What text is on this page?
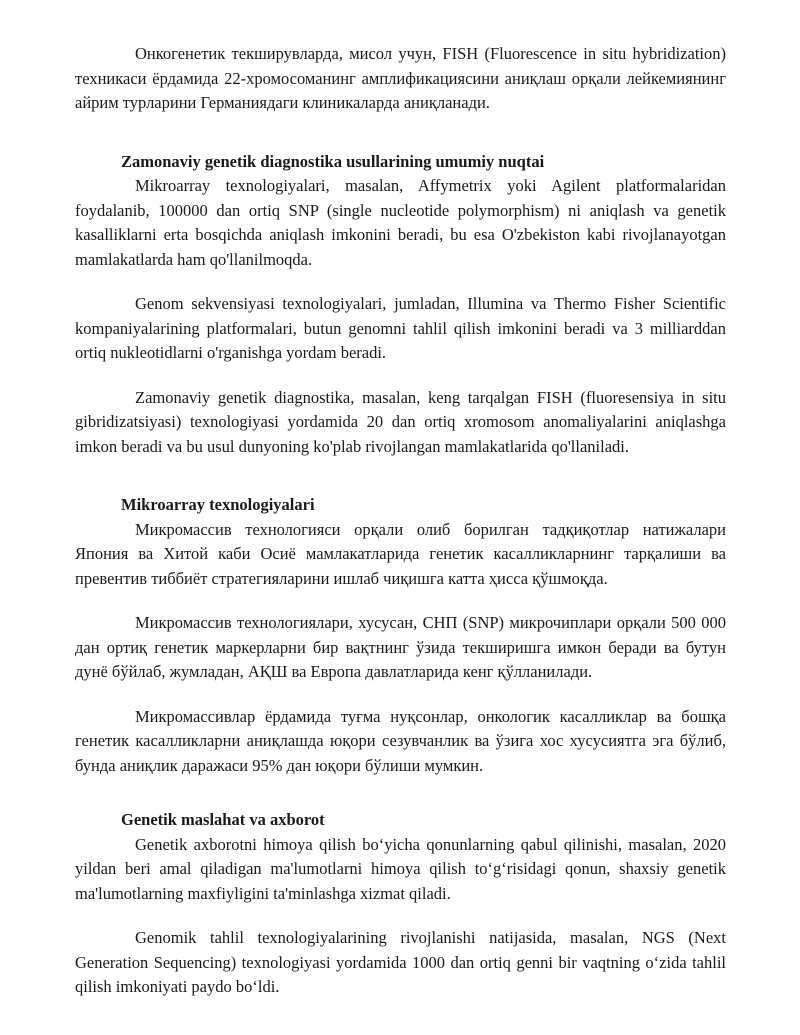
Онкогенетик текширувларда, мисол учун, FISH (Fluorescence in situ hybridization) техникаси ёрдамида 22-хромосоманинг амплификациясини аниқлаш орқали лейкемиянинг айрим турларини Германиядаги клиникаларда аниқланади.

Zamonaviy genetik diagnostika usullarining umumiy nuqtai

Mikroarray texnologiyalari, masalan, Affymetrix yoki Agilent platformalaridan foydalanib, 100000 dan ortiq SNP (single nucleotide polymorphism) ni aniqlash va genetik kasalliklarni erta bosqichda aniqlash imkonini beradi, bu esa O'zbekiston kabi rivojlanayotgan mamlakatlarda ham qo'llanilmoqda.

Genom sekvensiyasi texnologiyalari, jumladan, Illumina va Thermo Fisher Scientific kompaniyalarining platformalari, butun genomni tahlil qilish imkonini beradi va 3 milliarddan ortiq nukleotidlarni o'rganishga yordam beradi.

Zamonaviy genetik diagnostika, masalan, keng tarqalgan FISH (fluoresensiya in situ gibridizatsiyasi) texnologiyasi yordamida 20 dan ortiq xromosom anomaliyalarini aniqlashga imkon beradi va bu usul dunyoning ko'plab rivojlangan mamlakatlarida qo'llaniladi.

Mikroarray texnologiyalari

Микромассив технологияси орқали олиб борилган тадқиқотлар натижалари Япония ва Хитой каби Осиё мамлакатларида генетик касалликларнинг тарқалиши ва превентив тиббиёт стратегияларини ишлаб чиқишга катта ҳисса қўшмоқда.

Микромассив технологиялари, хусусан, СНП (SNP) микрочиплари орқали 500 000 дан ортиқ генетик маркерларни бир вақтнинг ўзида текширишга имкон беради ва бутун дунё бўйлаб, жумладан, АҚШ ва Европа давлатларида кенг қўлланилади.

Микромассивлар ёрдамида туғма нуқсонлар, онкологик касалликлар ва бошқа генетик касалликларни аниқлашда юқори сезувчанлик ва ўзига хос хусусиятга эга бўлиб, бунда аниқлик даражаси 95% дан юқори бўлиши мумкин.

Genetik maslahat va axborot

Genetik axborotni himoya qilish bo‘yicha qonunlarning qabul qilinishi, masalan, 2020 yildan beri amal qiladigan ma'lumotlarni himoya qilish to‘g‘risidagi qonun, shaxsiy genetik ma'lumotlarning maxfiyligini ta'minlashga xizmat qiladi.

Genomik tahlil texnologiyalarining rivojlanishi natijasida, masalan, NGS (Next Generation Sequencing) texnologiyasi yordamida 1000 dan ortiq genni bir vaqtning o‘zida tahlil qilish imkoniyati paydo bo‘ldi.
